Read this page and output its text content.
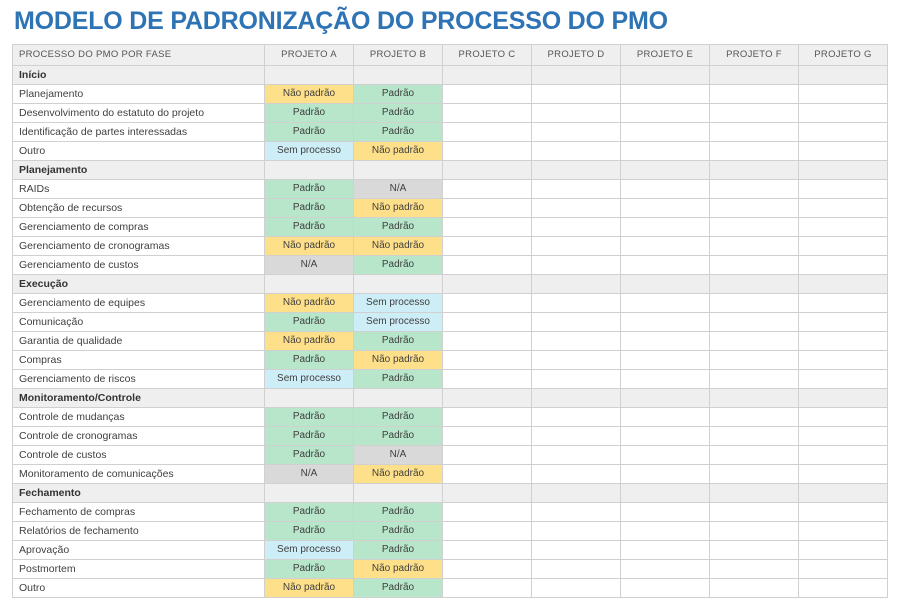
MODELO DE PADRONIZAÇÃO DO PROCESSO DO PMO
PROCESSO DO PMO POR FASE	PROJETO A	PROJETO B	PROJETO C	PROJETO D	PROJETO E	PROJETO F	PROJETO G
Início							
Planejamento	Não padrão	Padrão					
Desenvolvimento do estatuto do projeto	Padrão	Padrão					
Identificação de partes interessadas	Padrão	Padrão					
Outro	Sem processo	Não padrão					
Planejamento							
RAIDs	Padrão	N/A					
Obtenção de recursos	Padrão	Não padrão					
Gerenciamento de compras	Padrão	Padrão					
Gerenciamento de cronogramas	Não padrão	Não padrão					
Gerenciamento de custos	N/A	Padrão					
Execução							
Gerenciamento de equipes	Não padrão	Sem processo					
Comunicação	Padrão	Sem processo					
Garantia de qualidade	Não padrão	Padrão					
Compras	Padrão	Não padrão					
Gerenciamento de riscos	Sem processo	Padrão					
Monitoramento/Controle							
Controle de mudanças	Padrão	Padrão					
Controle de cronogramas	Padrão	Padrão					
Controle de custos	Padrão	N/A					
Monitoramento de comunicações	N/A	Não padrão					
Fechamento							
Fechamento de compras	Padrão	Padrão					
Relatórios de fechamento	Padrão	Padrão					
Aprovação	Sem processo	Padrão					
Postmortem	Padrão	Não padrão					
Outro	Não padrão	Padrão					
